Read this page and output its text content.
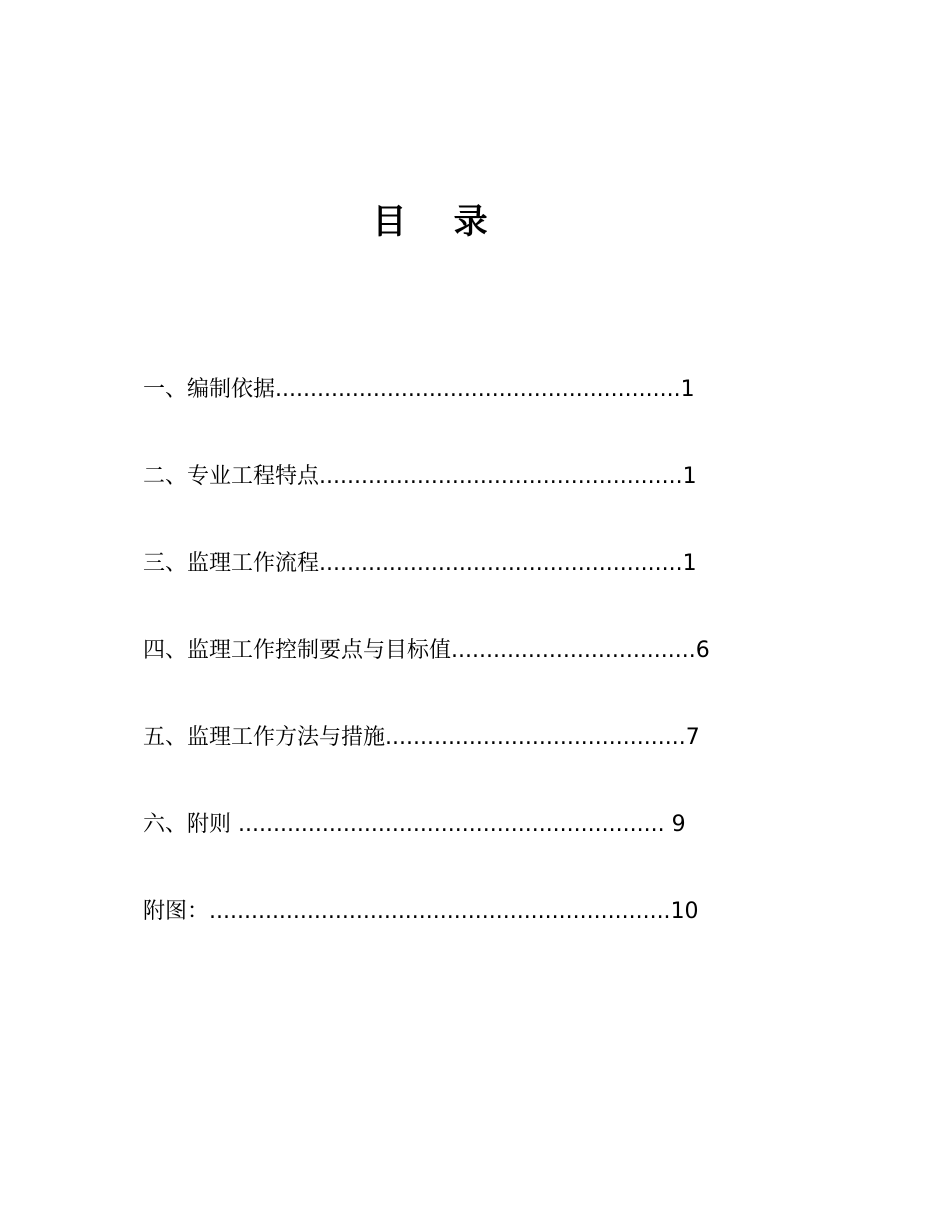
目    录

一、编制依据..........................................................1

二、专业工程特点....................................................1

三、监理工作流程....................................................1

四、监理工作控制要点与目标值...................................6

五、监理工作方法与措施...........................................7

六、附则 ............................................................. 9

附图：..................................................................10
